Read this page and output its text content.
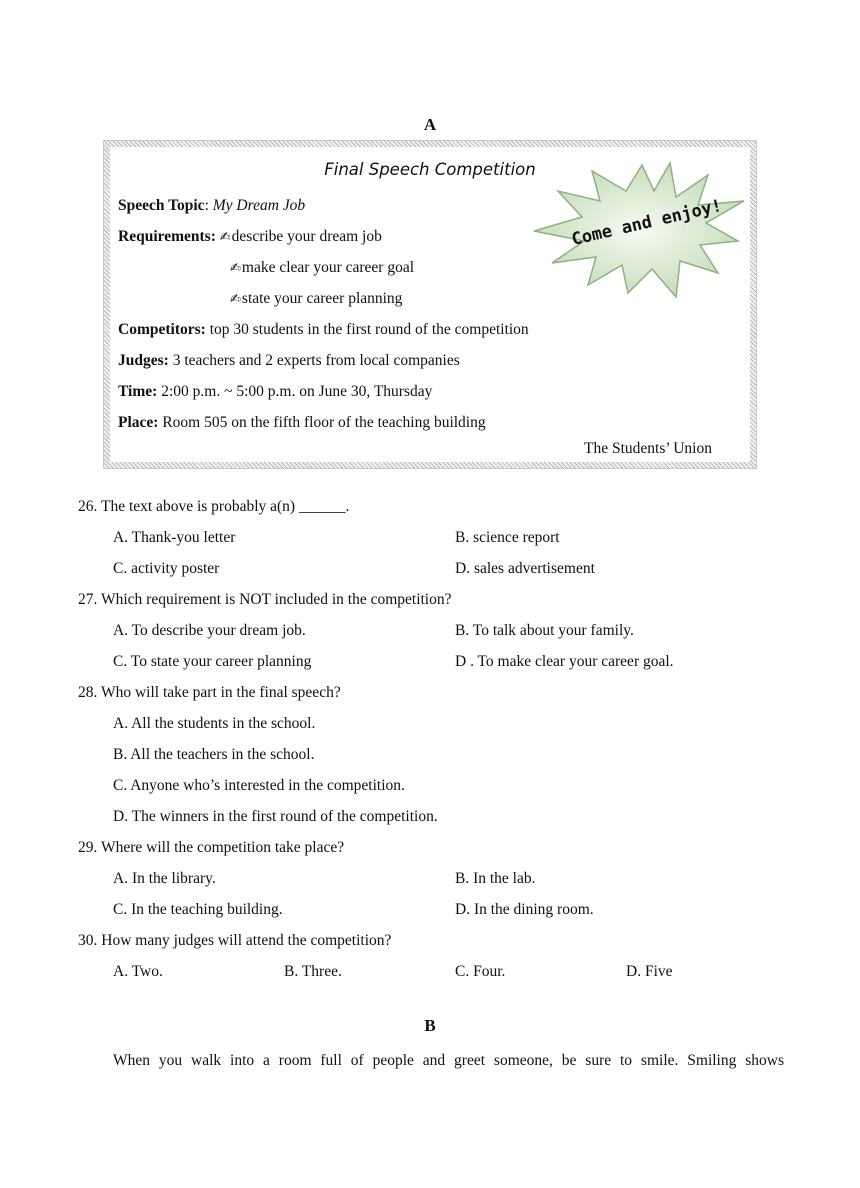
A
Final Speech Competition
Come and enjoy!
Speech Topic: My Dream Job
Requirements: ✍describe your dream job
✍make clear your career goal
✍state your career planning
Competitors: top 30 students in the first round of the competition
Judges: 3 teachers and 2 experts from local companies
Time: 2:00 p.m. ~ 5:00 p.m. on June 30, Thursday
Place: Room 505 on the fifth floor of the teaching building
The Students’ Union
26. The text above is probably a(n) ______.
A. Thank-you letter	B. science report
C. activity poster	D. sales advertisement
27. Which requirement is NOT included in the competition?
A. To describe your dream job.	B. To talk about your family.
C. To state your career planning	D . To make clear your career goal.
28. Who will take part in the final speech?
A. All the students in the school.
B. All the teachers in the school.
C. Anyone who’s interested in the competition.
D. The winners in the first round of the competition.
29. Where will the competition take place?
A. In the library.	B. In the lab.
C. In the teaching building.	D. In the dining room.
30. How many judges will attend the competition?
A. Two.	B. Three.	C. Four.	D. Five
B
When you walk into a room full of people and greet someone, be sure to smile. Smiling shows
